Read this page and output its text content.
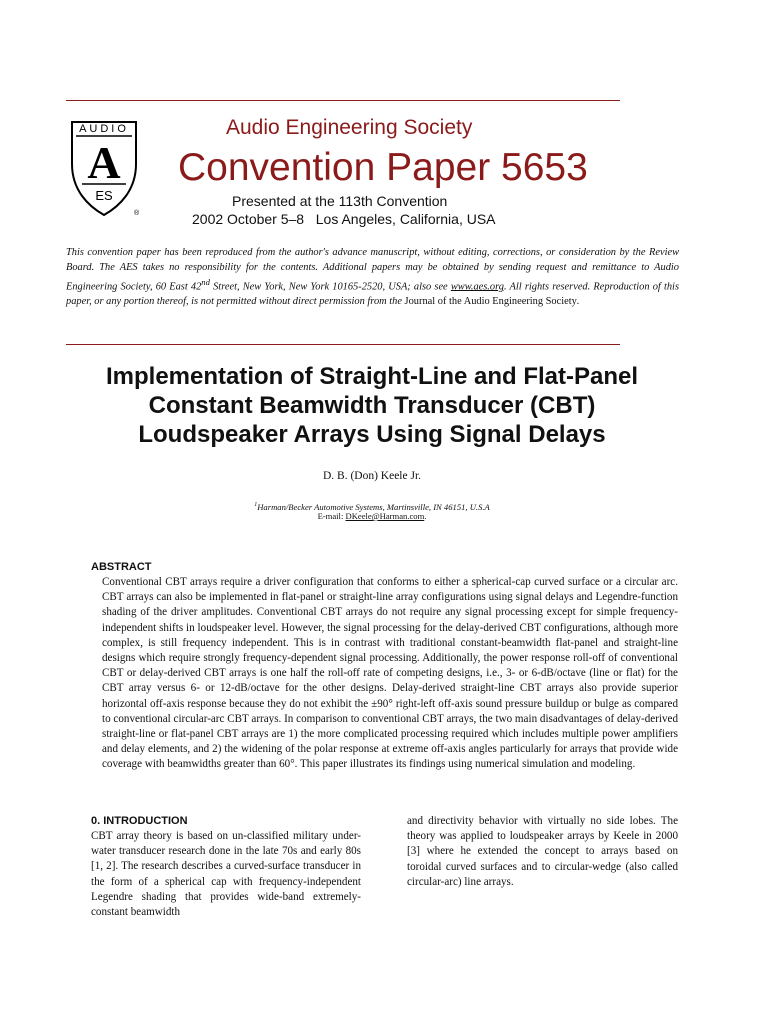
AUDIO
A
ES
®
Audio Engineering Society
Convention Paper 5653
Presented at the 113th Convention
2002 October 5–8   Los Angeles, California, USA
This convention paper has been reproduced from the author's advance manuscript, without editing, corrections, or consideration by the Review Board. The AES takes no responsibility for the contents. Additional papers may be obtained by sending request and remittance to Audio Engineering Society, 60 East 42nd Street, New York, New York 10165-2520, USA; also see www.aes.org. All rights reserved. Reproduction of this paper, or any portion thereof, is not permitted without direct permission from the Journal of the Audio Engineering Society.
Implementation of Straight-Line and Flat-Panel
Constant Beamwidth Transducer (CBT)
Loudspeaker Arrays Using Signal Delays
D. B. (Don) Keele Jr.
$^1$Harman/Becker Automotive Systems, Martinsville, IN 46151, U.S.A
E-mail: DKeele@Harman.com.
ABSTRACT
Conventional CBT arrays require a driver configuration that conforms to either a spherical-cap curved surface or a circular arc. CBT arrays can also be implemented in flat-panel or straight-line array configurations using signal delays and Legendre-function shading of the driver amplitudes. Conventional CBT arrays do not require any signal processing except for simple frequency-independent shifts in loudspeaker level. However, the signal processing for the delay-derived CBT configurations, although more complex, is still frequency independent. This is in contrast with traditional constant-beamwidth flat-panel and straight-line designs which require strongly frequency-dependent signal processing. Additionally, the power response roll-off of conventional CBT or delay-derived CBT arrays is one half the roll-off rate of competing designs, i.e., 3- or 6-dB/octave (line or flat) for the CBT array versus 6- or 12-dB/octave for the other designs. Delay-derived straight-line CBT arrays also provide superior horizontal off-axis response because they do not exhibit the ±90° right-left off-axis sound pressure buildup or bulge as compared to conventional circular-arc CBT arrays. In comparison to conventional CBT arrays, the two main disadvantages of delay-derived straight-line or flat-panel CBT arrays are 1) the more complicated processing required which includes multiple power amplifiers and delay elements, and 2) the widening of the polar response at extreme off-axis angles particularly for arrays that provide wide coverage with beamwidths greater than 60°. This paper illustrates its findings using numerical simulation and modeling.
0. INTRODUCTION
CBT array theory is based on un-classified military under-water transducer research done in the late 70s and early 80s [1, 2]. The research describes a curved-surface transducer in the form of a spherical cap with frequency-independent Legendre shading that provides wide-band extremely-constant beamwidth
and directivity behavior with virtually no side lobes. The theory was applied to loudspeaker arrays by Keele in 2000 [3] where he extended the concept to arrays based on toroidal curved surfaces and to circular-wedge (also called circular-arc) line arrays.
